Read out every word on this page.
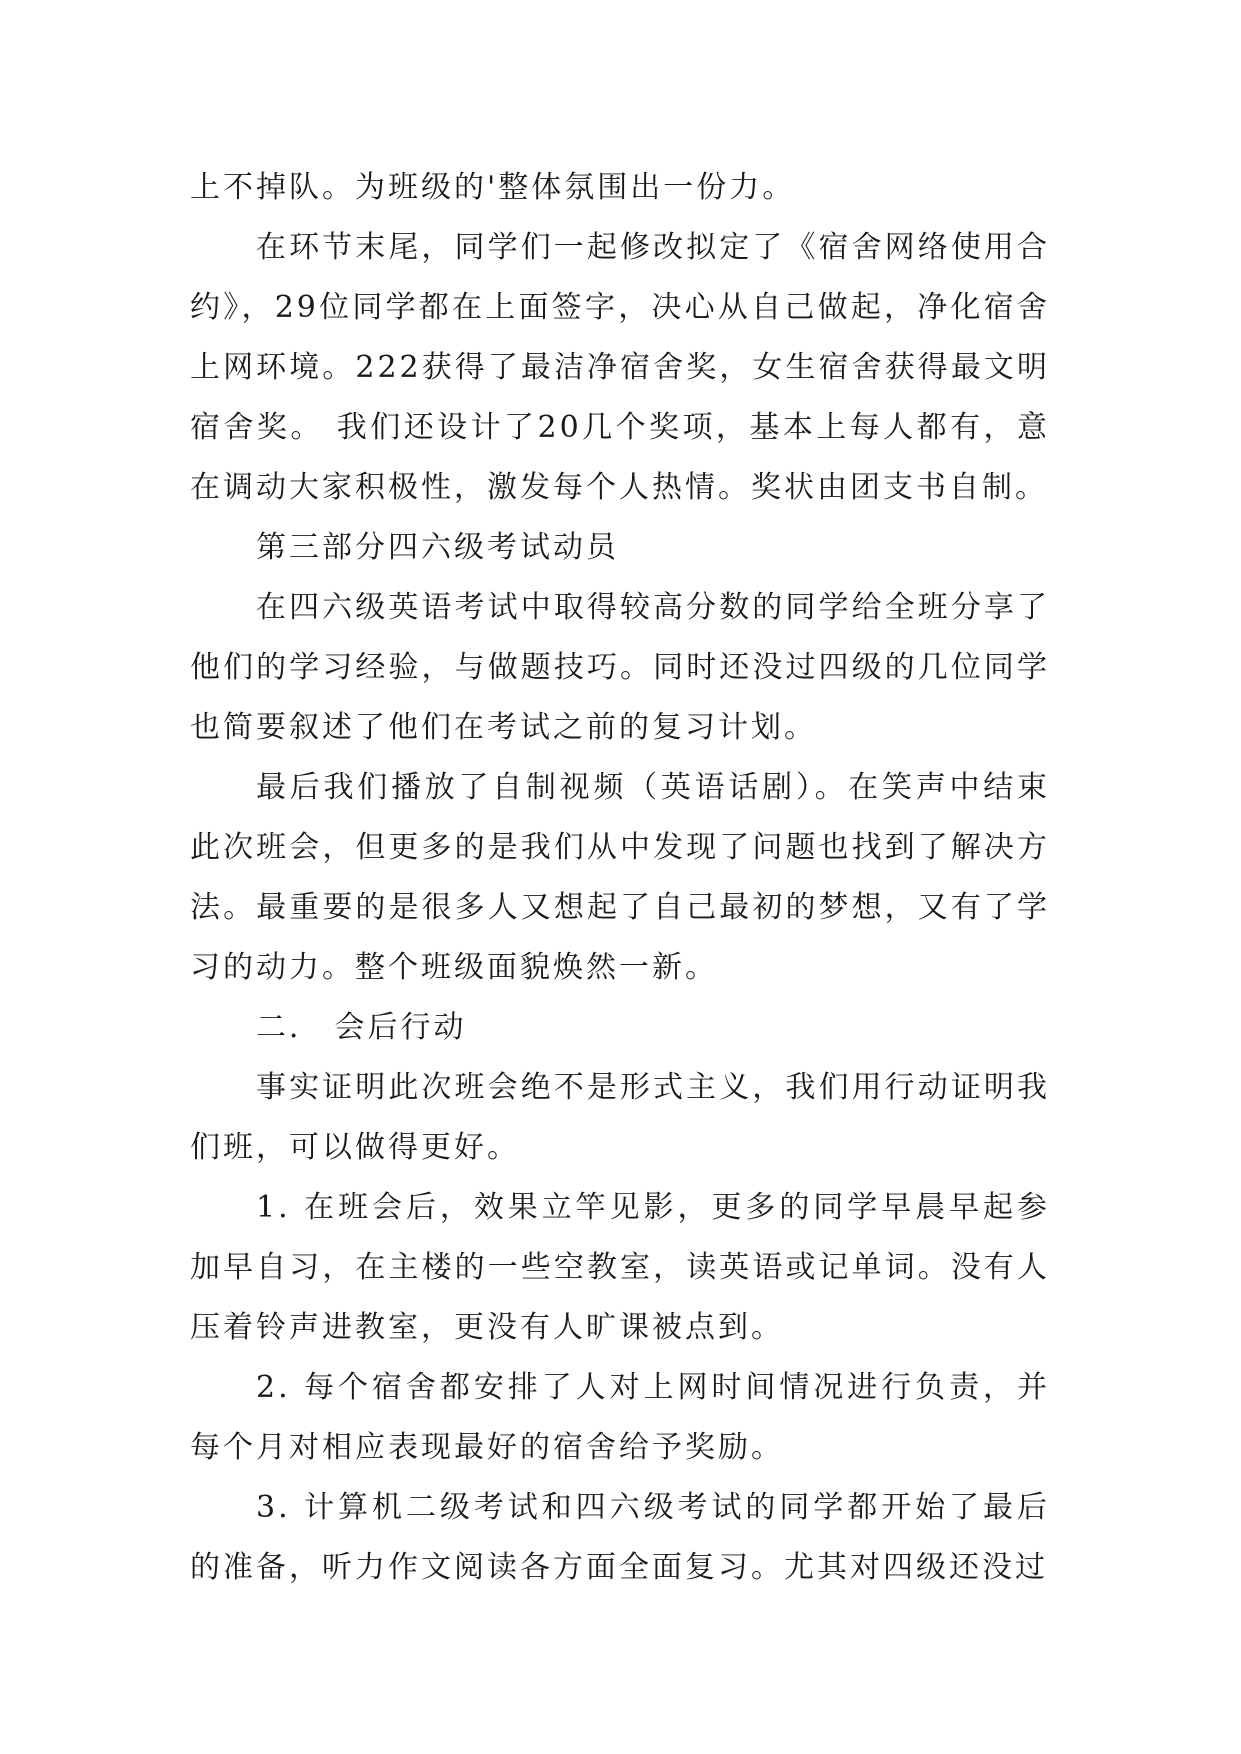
上不掉队。为班级的'整体氛围出一份力。

在环节末尾，同学们一起修改拟定了《宿舍网络使用合约》，29位同学都在上面签字，决心从自己做起，净化宿舍上网环境。222获得了最洁净宿舍奖，女生宿舍获得最文明宿舍奖。 我们还设计了20几个奖项，基本上每人都有，意在调动大家积极性，激发每个人热情。奖状由团支书自制。

第三部分四六级考试动员

在四六级英语考试中取得较高分数的同学给全班分享了他们的学习经验，与做题技巧。同时还没过四级的几位同学也简要叙述了他们在考试之前的复习计划。

最后我们播放了自制视频（英语话剧）。在笑声中结束此次班会，但更多的是我们从中发现了问题也找到了解决方法。最重要的是很多人又想起了自己最初的梦想，又有了学习的动力。整个班级面貌焕然一新。

二． 会后行动

事实证明此次班会绝不是形式主义，我们用行动证明我们班，可以做得更好。

1. 在班会后，效果立竿见影，更多的同学早晨早起参加早自习，在主楼的一些空教室，读英语或记单词。没有人压着铃声进教室，更没有人旷课被点到。

2. 每个宿舍都安排了人对上网时间情况进行负责，并每个月对相应表现最好的宿舍给予奖励。

3. 计算机二级考试和四六级考试的同学都开始了最后的准备，听力作文阅读各方面全面复习。尤其对四级还没过
